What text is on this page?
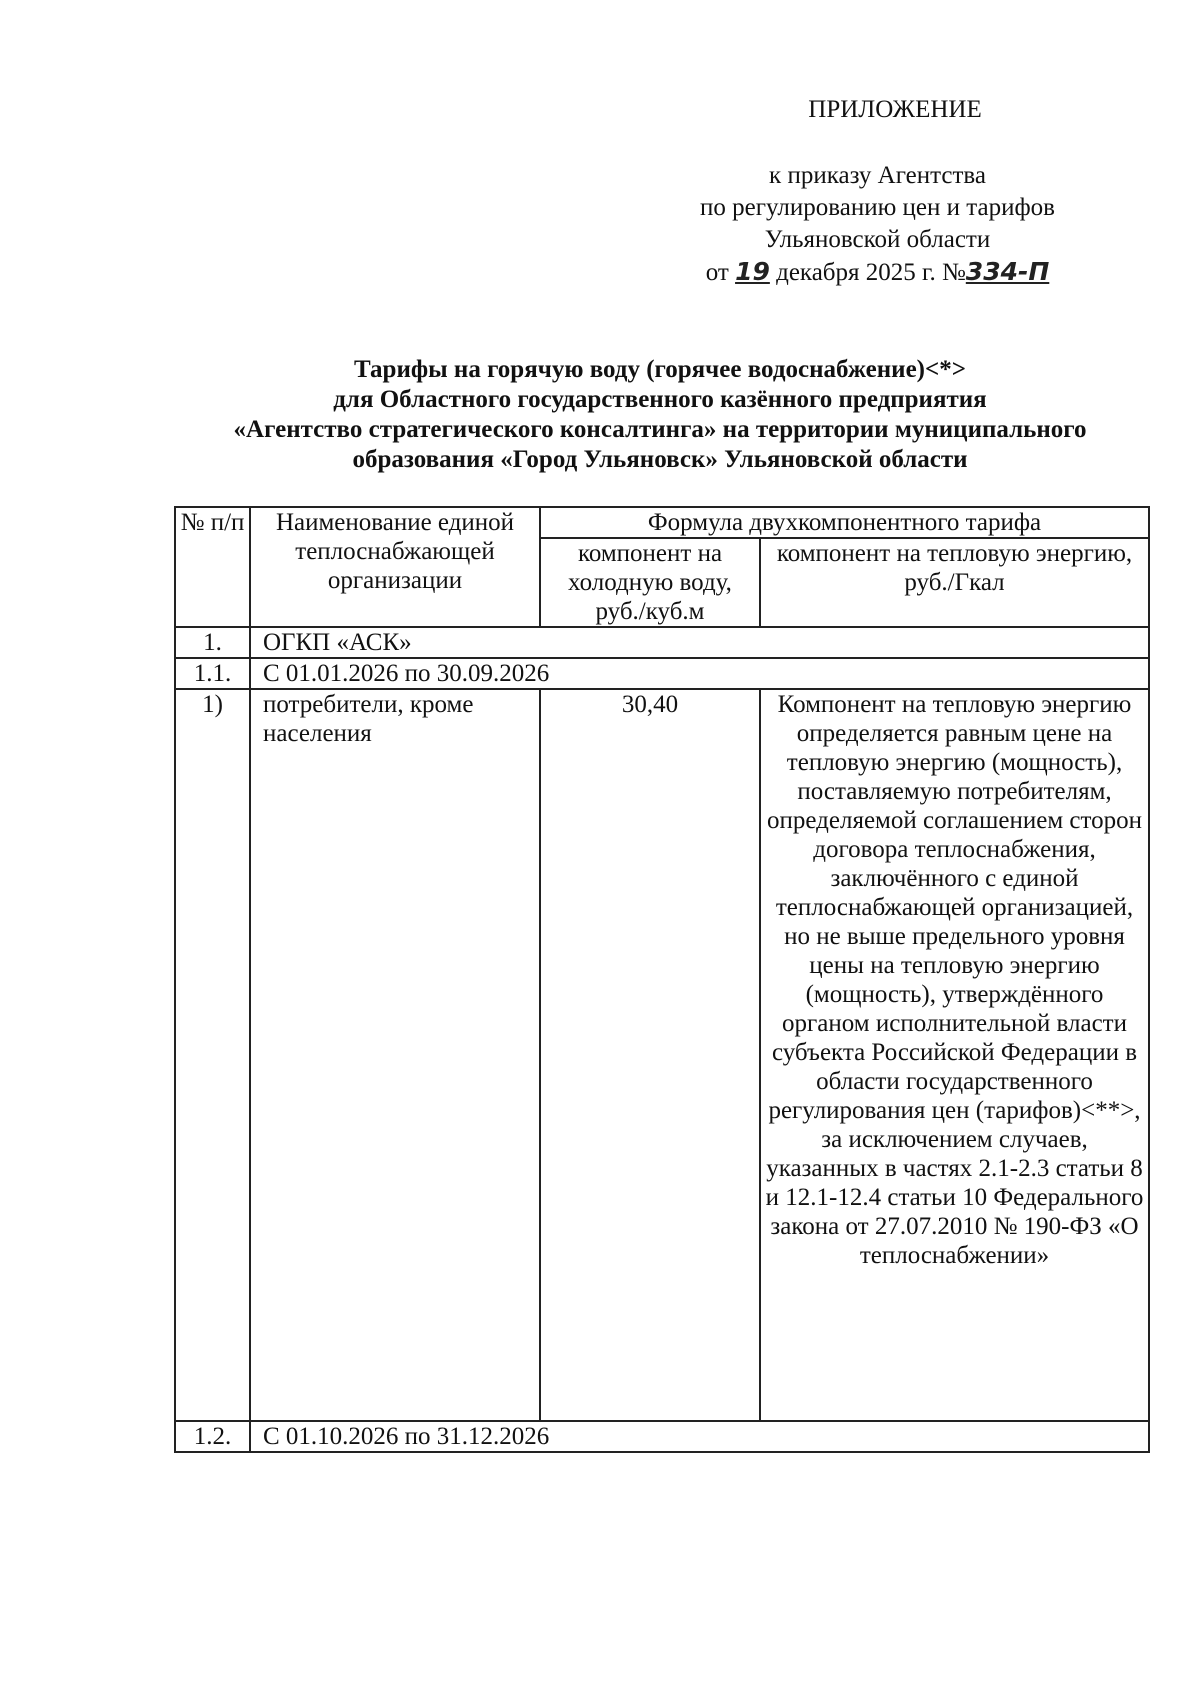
ПРИЛОЖЕНИЕ
к приказу Агентства
по регулированию цен и тарифов
Ульяновской области
от 19 декабря 2025 г. №334-П
Тарифы на горячую воду (горячее водоснабжение)<*>
для Областного государственного казённого предприятия
«Агентство стратегического консалтинга» на территории муниципального
образования «Город Ульяновск» Ульяновской области
№ п/п	Наименование единой теплоснабжающей организации	Формула двухкомпонентного тарифа	
		компонент на холодную воду, руб./куб.м	компонент на тепловую энергию, руб./Гкал
1.	ОГКП «АСК»		
1.1.	С 01.01.2026 по 30.09.2026		
1)	потребители, кроме населения	30,40	Компонент на тепловую энергию определяется равным цене на тепловую энергию (мощность), поставляемую потребителям, определяемой соглашением сторон договора теплоснабжения, заключённого с единой теплоснабжающей организацией, но не выше предельного уровня цены на тепловую энергию (мощность), утверждённого органом исполнительной власти субъекта Российской Федерации в области государственного регулирования цен (тарифов)<**>, за исключением случаев, указанных в частях 2.1-2.3 статьи 8 и 12.1-12.4 статьи 10 Федерального закона от 27.07.2010 № 190-ФЗ «О теплоснабжении»
1.2.	С 01.10.2026 по 31.12.2026		
